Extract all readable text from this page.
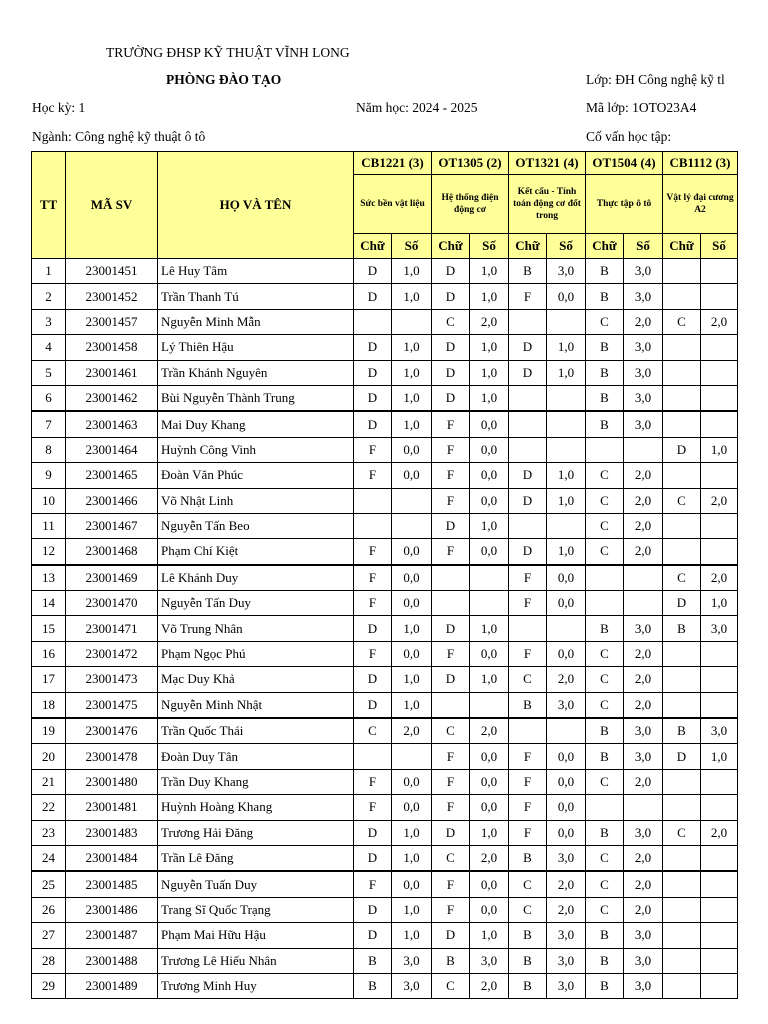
TRƯỜNG ĐHSP KỸ THUẬT VĨNH LONG
PHÒNG ĐÀO TẠO	Lớp: ĐH Công nghệ kỹ tl
Học kỳ: 1	Năm học: 2024 - 2025	Mã lớp: 1OTO23A4
Ngành: Công nghệ kỹ thuật ô tô	Cố vấn học tập:
TT	MÃ SV	HỌ VÀ TÊN	CB1221 (3)		OT1305 (2)		OT1321 (4)		OT1504 (4)		CB1112 (3)	
			Sức bền vật liệu		Hệ thống điện động cơ		Kết cấu - Tính toán động cơ đốt trong		Thực tập ô tô		Vật lý đại cương A2	
			Chữ	Số	Chữ	Số	Chữ	Số	Chữ	Số	Chữ	Số
1	23001451	Lê Huy Tâm	D	1,0	D	1,0	B	3,0	B	3,0		
2	23001452	Trần Thanh Tú	D	1,0	D	1,0	F	0,0	B	3,0		
3	23001457	Nguyễn Minh Mẫn			C	2,0			C	2,0	C	2,0
4	23001458	Lý Thiên Hậu	D	1,0	D	1,0	D	1,0	B	3,0		
5	23001461	Trần Khánh Nguyên	D	1,0	D	1,0	D	1,0	B	3,0		
6	23001462	Bùi Nguyễn Thành Trung	D	1,0	D	1,0			B	3,0		
7	23001463	Mai Duy Khang	D	1,0	F	0,0			B	3,0		
8	23001464	Huỳnh Công Vinh	F	0,0	F	0,0					D	1,0
9	23001465	Đoàn Văn Phúc	F	0,0	F	0,0	D	1,0	C	2,0		
10	23001466	Võ Nhật Linh			F	0,0	D	1,0	C	2,0	C	2,0
11	23001467	Nguyễn Tấn Beo			D	1,0			C	2,0		
12	23001468	Phạm Chí Kiệt	F	0,0	F	0,0	D	1,0	C	2,0		
13	23001469	Lê Khánh Duy	F	0,0			F	0,0			C	2,0
14	23001470	Nguyễn Tấn Duy	F	0,0			F	0,0			D	1,0
15	23001471	Võ Trung Nhân	D	1,0	D	1,0			B	3,0	B	3,0
16	23001472	Phạm Ngọc Phú	F	0,0	F	0,0	F	0,0	C	2,0		
17	23001473	Mạc Duy Khả	D	1,0	D	1,0	C	2,0	C	2,0		
18	23001475	Nguyễn Minh Nhật	D	1,0			B	3,0	C	2,0		
19	23001476	Trần Quốc Thái	C	2,0	C	2,0			B	3,0	B	3,0
20	23001478	Đoàn Duy Tân			F	0,0	F	0,0	B	3,0	D	1,0
21	23001480	Trần Duy Khang	F	0,0	F	0,0	F	0,0	C	2,0		
22	23001481	Huỳnh Hoàng Khang	F	0,0	F	0,0	F	0,0				
23	23001483	Trương Hải Đăng	D	1,0	D	1,0	F	0,0	B	3,0	C	2,0
24	23001484	Trần Lê Đăng	D	1,0	C	2,0	B	3,0	C	2,0		
25	23001485	Nguyễn Tuấn Duy	F	0,0	F	0,0	C	2,0	C	2,0		
26	23001486	Trang Sĩ Quốc Trạng	D	1,0	F	0,0	C	2,0	C	2,0		
27	23001487	Phạm Mai Hữu Hậu	D	1,0	D	1,0	B	3,0	B	3,0		
28	23001488	Trương Lê Hiếu Nhân	B	3,0	B	3,0	B	3,0	B	3,0		
29	23001489	Trương Minh Huy	B	3,0	C	2,0	B	3,0	B	3,0		
